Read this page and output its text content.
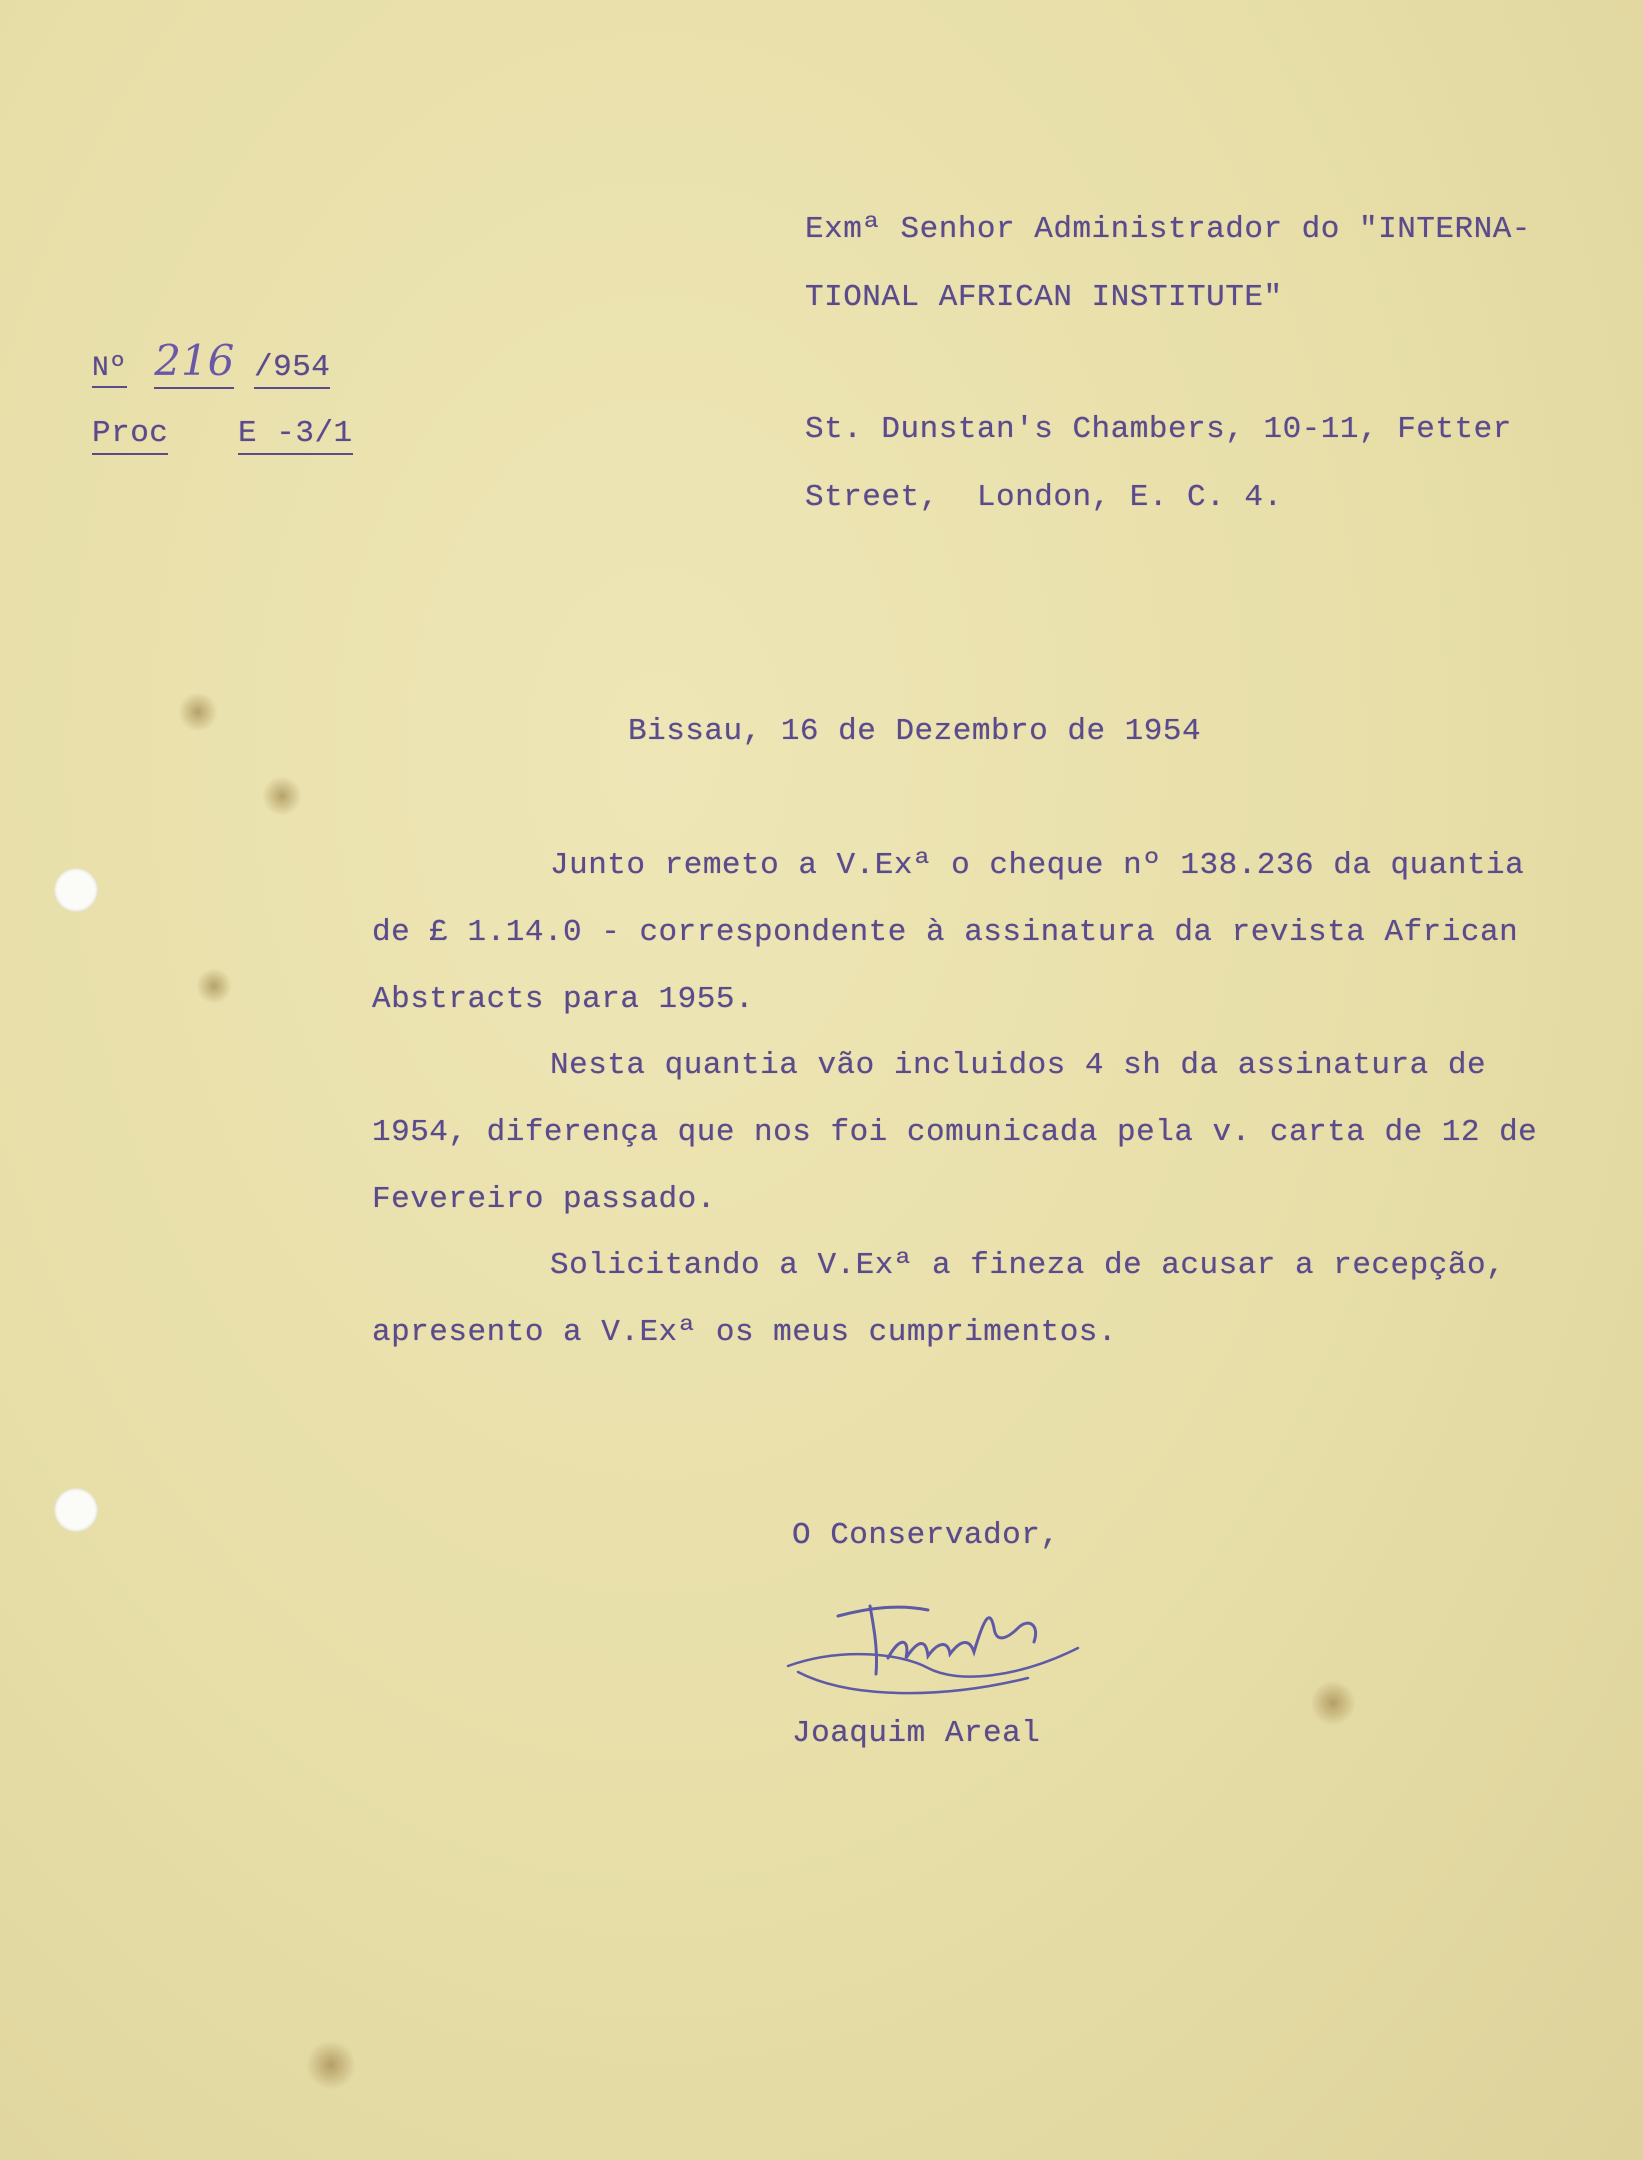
Exmª Senhor Administrador do "INTERNA-
TIONAL AFRICAN INSTITUTE"
Nº 216 /954
Proc E -3/1	St. Dunstan's Chambers, 10-11, Fetter
Street,  London, E. C. 4.
Bissau, 16 de Dezembro de 1954
Junto remeto a V.Exª o cheque nº 138.236 da quantia
de £ 1.14.0 - correspondente à assinatura da revista African
Abstracts para 1955.
Nesta quantia vão incluidos 4 sh da assinatura de
1954, diferença que nos foi comunicada pela v. carta de 12 de
Fevereiro passado.
Solicitando a V.Exª a fineza de acusar a recepção,
apresento a V.Exª os meus cumprimentos.
O Conservador,
Joaquim Areal
